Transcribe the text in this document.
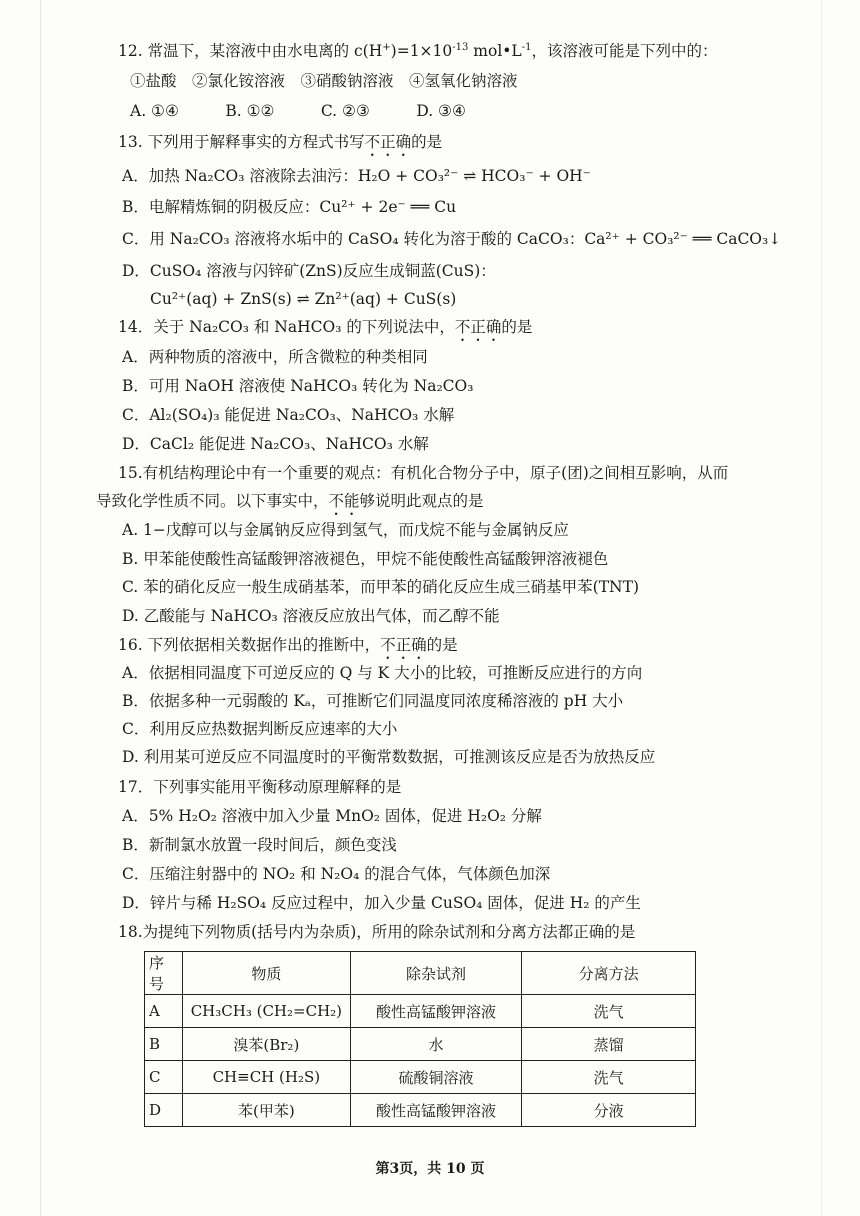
12. 常温下，某溶液中由水电离的 $c(H^+)=1\times 10^{-13}$ $mol•L^{-1}$，该溶液可能是下列中的：
①盐酸　②氯化铵溶液　③硝酸钠溶液　④氢氧化钠溶液
A. ①④　　　B. ①②　　　C. ②③　　　D. ③④
13. 下列用于解释事实的方程式书写不正确的是
A．加热 Na₂CO₃ 溶液除去油污：H₂O + CO₃²⁻ ⇌ HCO₃⁻ + OH⁻
B．电解精炼铜的阴极反应：Cu²⁺ + 2e⁻ ══ Cu
C．用 Na₂CO₃ 溶液将水垢中的 CaSO₄ 转化为溶于酸的 CaCO₃：Ca²⁺ + CO₃²⁻ ══ CaCO₃↓
D．CuSO₄ 溶液与闪锌矿(ZnS)反应生成铜蓝(CuS)：
Cu²⁺(aq) + ZnS(s) ⇌ Zn²⁺(aq) + CuS(s)
14．关于 Na₂CO₃ 和 NaHCO₃ 的下列说法中，不正确的是
A．两种物质的溶液中，所含微粒的种类相同
B．可用 NaOH 溶液使 NaHCO₃ 转化为 Na₂CO₃
C．Al₂(SO₄)₃ 能促进 Na₂CO₃、NaHCO₃ 水解
D．CaCl₂ 能促进 Na₂CO₃、NaHCO₃ 水解
15.有机结构理论中有一个重要的观点：有机化合物分子中，原子(团)之间相互影响，从而
导致化学性质不同。以下事实中，不能够说明此观点的是
A. 1−戊醇可以与金属钠反应得到氢气，而戊烷不能与金属钠反应
B. 甲苯能使酸性高锰酸钾溶液褪色，甲烷不能使酸性高锰酸钾溶液褪色
C. 苯的硝化反应一般生成硝基苯，而甲苯的硝化反应生成三硝基甲苯(TNT)
D. 乙酸能与 NaHCO₃ 溶液反应放出气体，而乙醇不能
16. 下列依据相关数据作出的推断中，不正确的是
A．依据相同温度下可逆反应的 Q 与 K 大小的比较，可推断反应进行的方向
B．依据多种一元弱酸的 Kₐ，可推断它们同温度同浓度稀溶液的 pH 大小
C．利用反应热数据判断反应速率的大小
D. 利用某可逆反应不同温度时的平衡常数数据，可推测该反应是否为放热反应
17．下列事实能用平衡移动原理解释的是
A．5% H₂O₂ 溶液中加入少量 MnO₂ 固体，促进 H₂O₂ 分解
B．新制氯水放置一段时间后，颜色变浅
C．压缩注射器中的 NO₂ 和 N₂O₄ 的混合气体，气体颜色加深
D．锌片与稀 H₂SO₄ 反应过程中，加入少量 CuSO₄ 固体，促进 H₂ 的产生
18.为提纯下列物质(括号内为杂质)，所用的除杂试剂和分离方法都正确的是
序号	物质	除杂试剂	分离方法
A	CH₃CH₃ (CH₂=CH₂)	酸性高锰酸钾溶液	洗气
B	溴苯(Br₂)	水	蒸馏
C	CH≡CH (H₂S)	硫酸铜溶液	洗气
D	苯(甲苯)	酸性高锰酸钾溶液	分液
第3页，共 10 页
